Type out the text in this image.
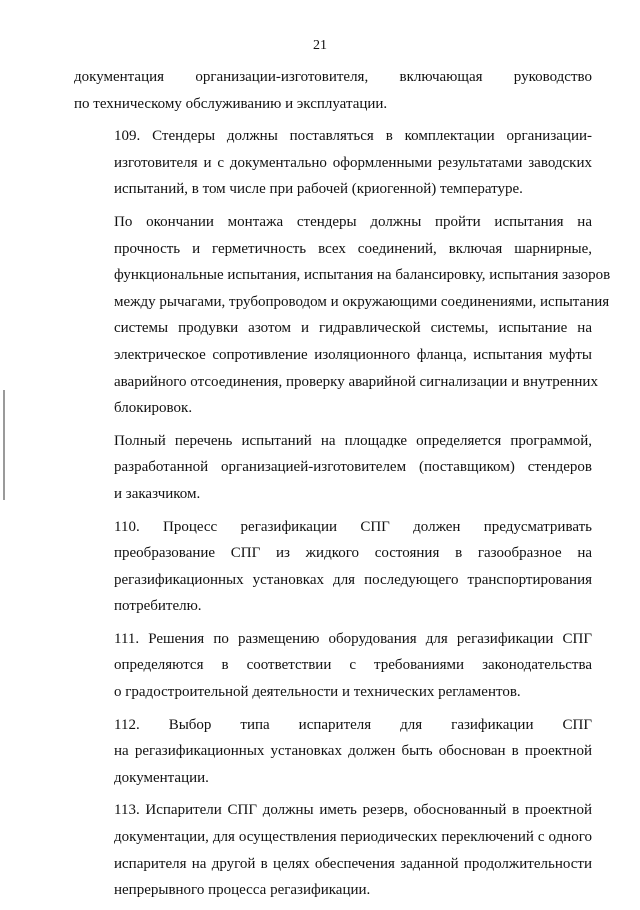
21

документация организации-изготовителя, включающая руководство
по техническому обслуживанию и эксплуатации.

109. Стендеры должны поставляться в комплектации организации-
изготовителя и с документально оформленными результатами заводских
испытаний, в том числе при рабочей (криогенной) температуре.

По окончании монтажа стендеры должны пройти испытания на
прочность и герметичность всех соединений, включая шарнирные,
функциональные испытания, испытания на балансировку, испытания зазоров
между рычагами, трубопроводом и окружающими соединениями, испытания
системы продувки азотом и гидравлической системы, испытание на
электрическое сопротивление изоляционного фланца, испытания муфты
аварийного отсоединения, проверку аварийной сигнализации и внутренних
блокировок.

Полный перечень испытаний на площадке определяется программой,
разработанной организацией-изготовителем (поставщиком) стендеров
и заказчиком.

110. Процесс регазификации СПГ должен предусматривать
преобразование СПГ из жидкого состояния в газообразное на
регазификационных установках для последующего транспортирования
потребителю.

111. Решения по размещению оборудования для регазификации СПГ
определяются в соответствии с требованиями законодательства
о градостроительной деятельности и технических регламентов.

112. Выбор типа испарителя для газификации СПГ
на регазификационных установках должен быть обоснован в проектной
документации.

113. Испарители СПГ должны иметь резерв, обоснованный в проектной
документации, для осуществления периодических переключений с одного
испарителя на другой в целях обеспечения заданной продолжительности
непрерывного процесса регазификации.
